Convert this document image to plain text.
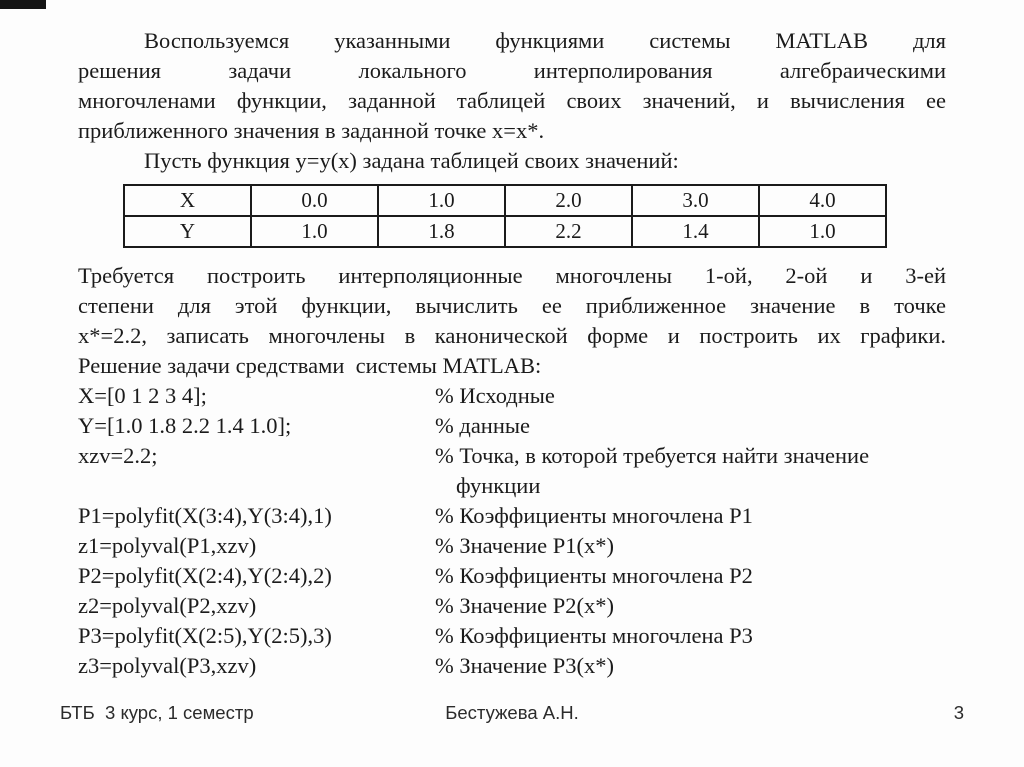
Воспользуемся указанными функциями системы MATLAB для
решения задачи локального интерполирования алгебраическими
многочленами функции, заданной таблицей своих значений, и вычисления ее
приближенного значения в заданной точке x=x*.
Пусть функция y=y(x) задана таблицей своих значений:
X	0.0	1.0	2.0	3.0	4.0
Y	1.0	1.8	2.2	1.4	1.0
Требуется построить интерполяционные многочлены 1-ой, 2-ой и 3-ей
степени для этой функции, вычислить ее приближенное значение в точке
x*=2.2, записать многочлены в канонической форме и построить их графики.
Решение задачи средствами  системы MATLAB:
X=[0 1 2 3 4];	% Исходные
Y=[1.0 1.8 2.2 1.4 1.0];	% данные
xzv=2.2;	% Точка, в которой требуется найти значение
функции
P1=polyfit(X(3:4),Y(3:4),1)	% Коэффициенты многочлена P1
z1=polyval(P1,xzv)	% Значение P1(x*)
P2=polyfit(X(2:4),Y(2:4),2)	% Коэффициенты многочлена P2
z2=polyval(P2,xzv)	% Значение P2(x*)
P3=polyfit(X(2:5),Y(2:5),3)	% Коэффициенты многочлена P3
z3=polyval(P3,xzv)	% Значение P3(x*)
БТБ  3 курс, 1 семестр	Бестужева А.Н.	3
